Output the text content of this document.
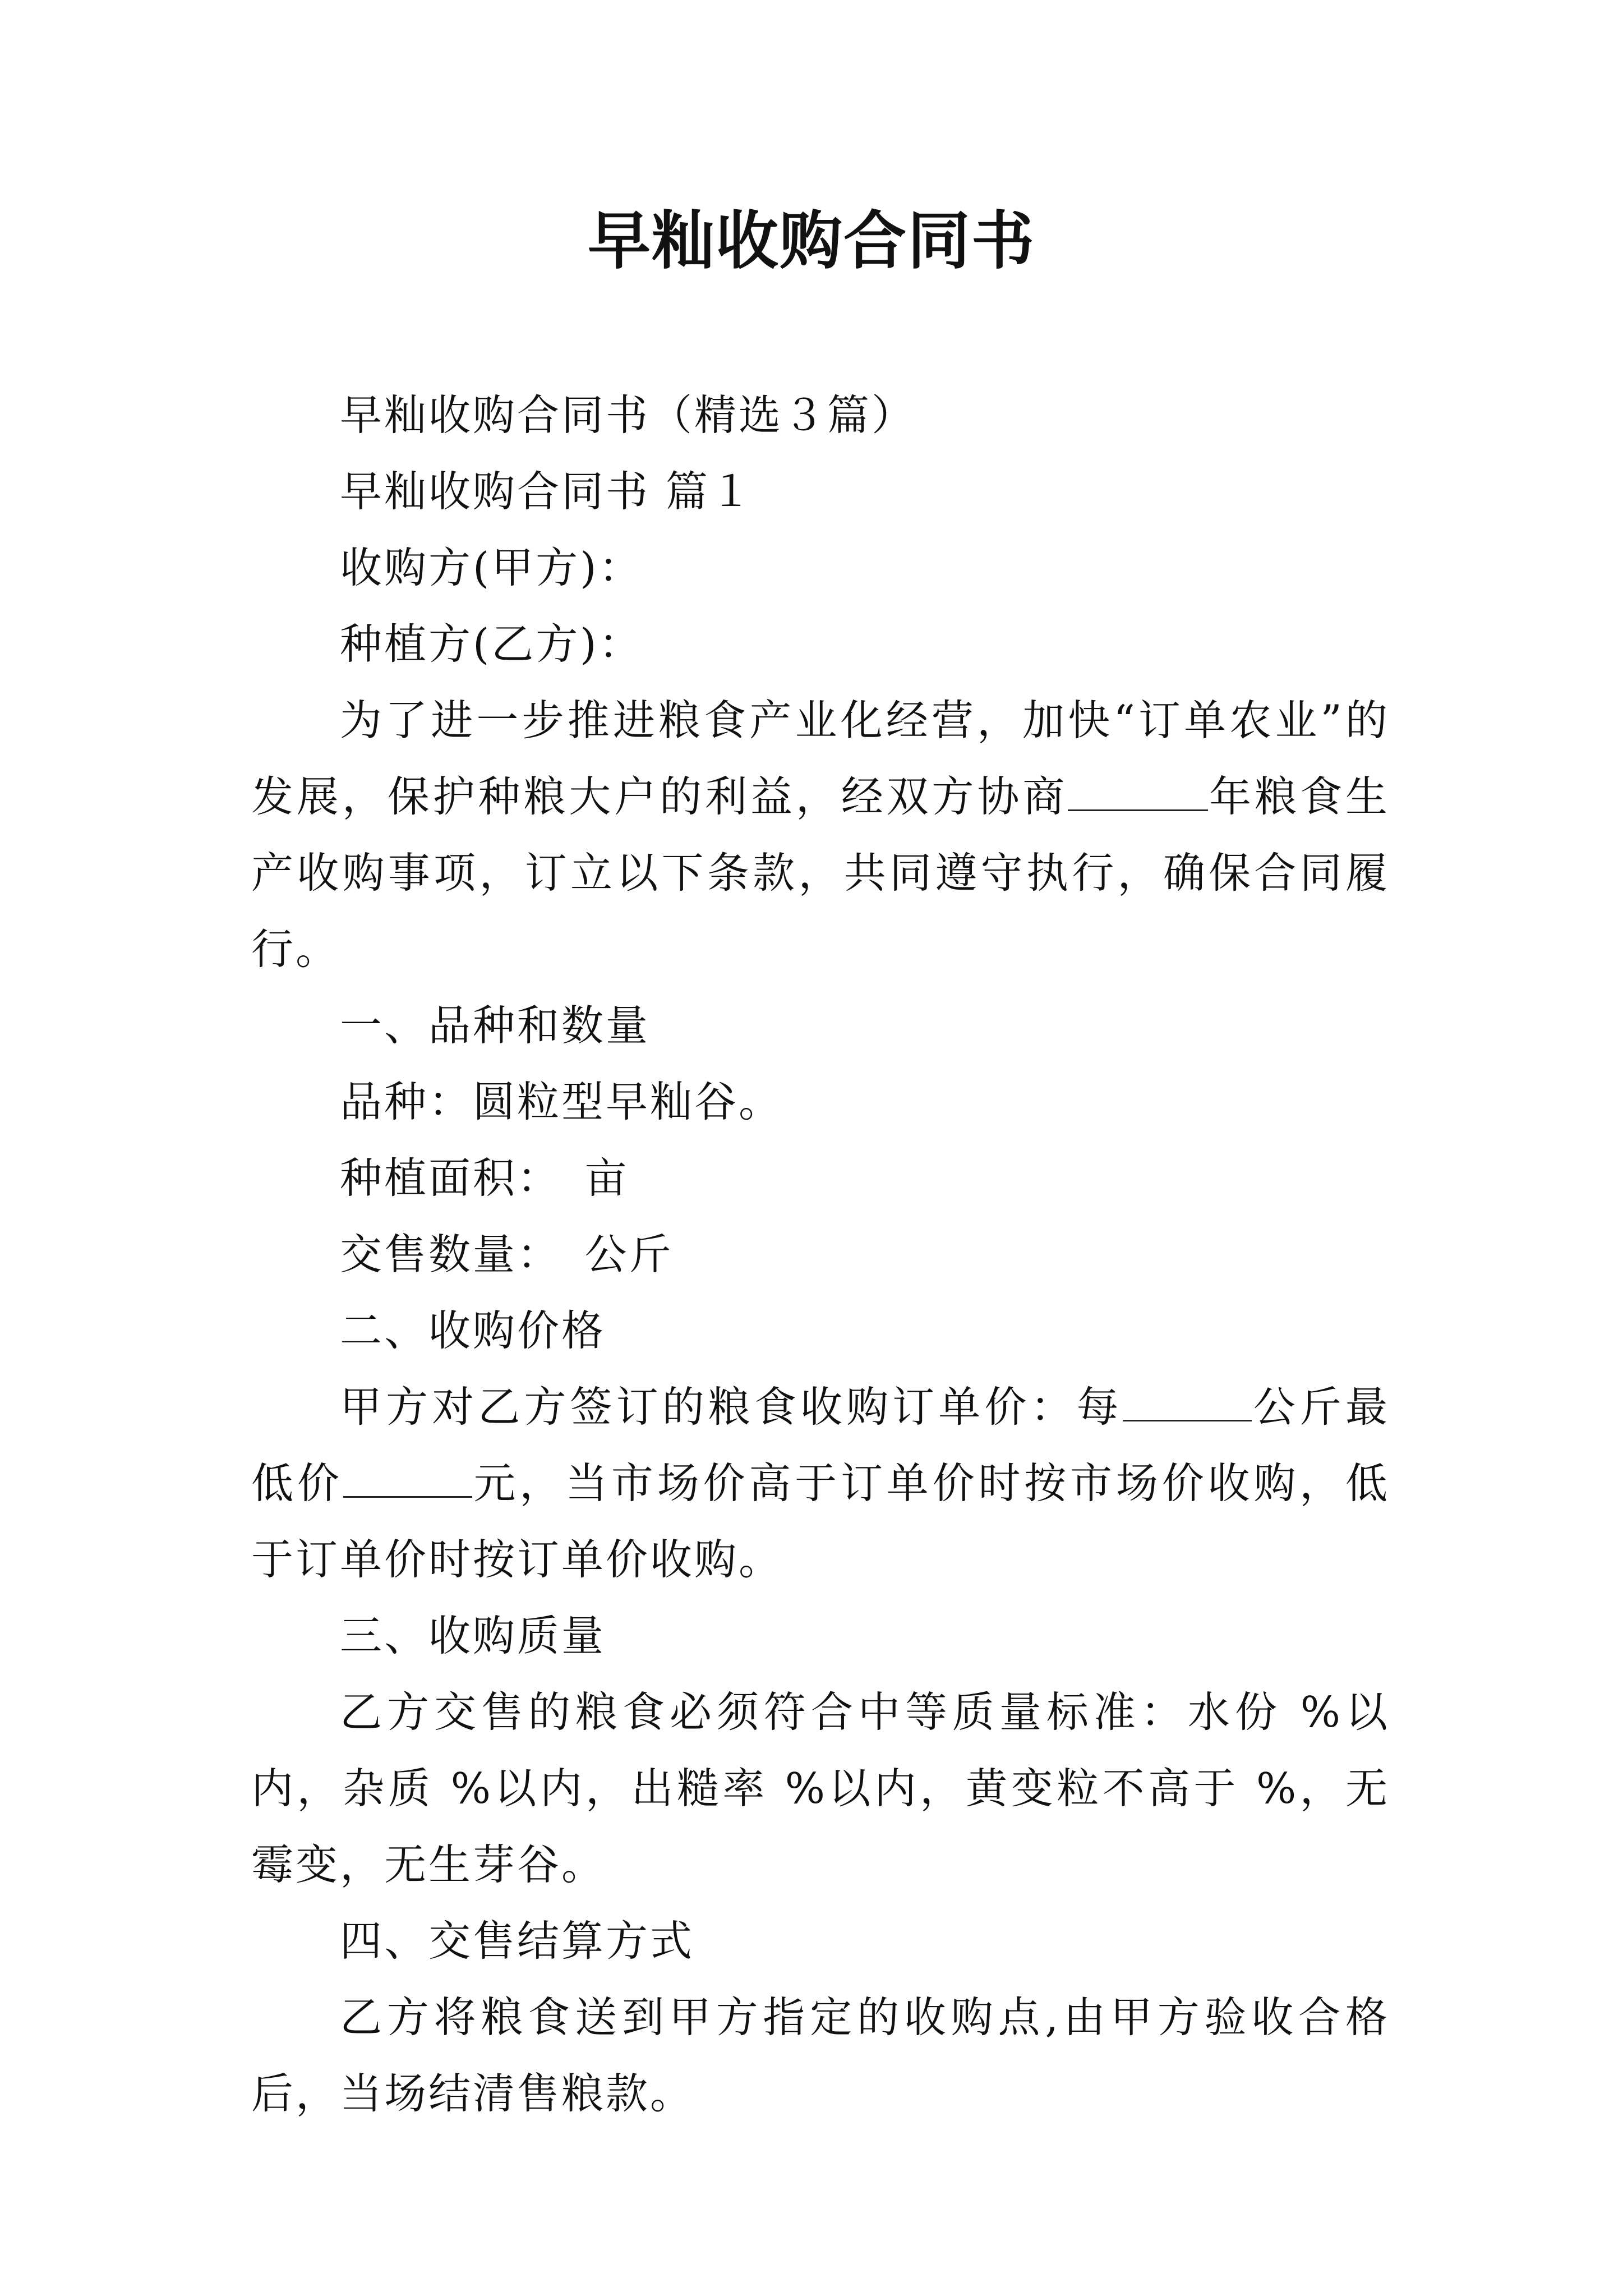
早籼收购合同书

早籼收购合同书（精选３篇）

早籼收购合同书 篇１

收购方(甲方)：

种植方(乙方)：

为了进一步推进粮食产业化经营，加快“订单农业”的发展，保护种粮大户的利益，经双方协商	年粮食生产收购事项，订立以下条款，共同遵守执行，确保合同履行。

一、品种和数量

品种：圆粒型早籼谷。

种植面积：　亩

交售数量：　公斤

二、收购价格

甲方对乙方签订的粮食收购订单价：每	公斤最低价	元，当市场价高于订单价时按市场价收购，低于订单价时按订单价收购。

三、收购质量

乙方交售的粮食必须符合中等质量标准：水份 %以内，杂质 %以内，出糙率 %以内，黄变粒不高于 %，无霉变，无生芽谷。

四、交售结算方式

乙方将粮食送到甲方指定的收购点,由甲方验收合格后，当场结清售粮款。
